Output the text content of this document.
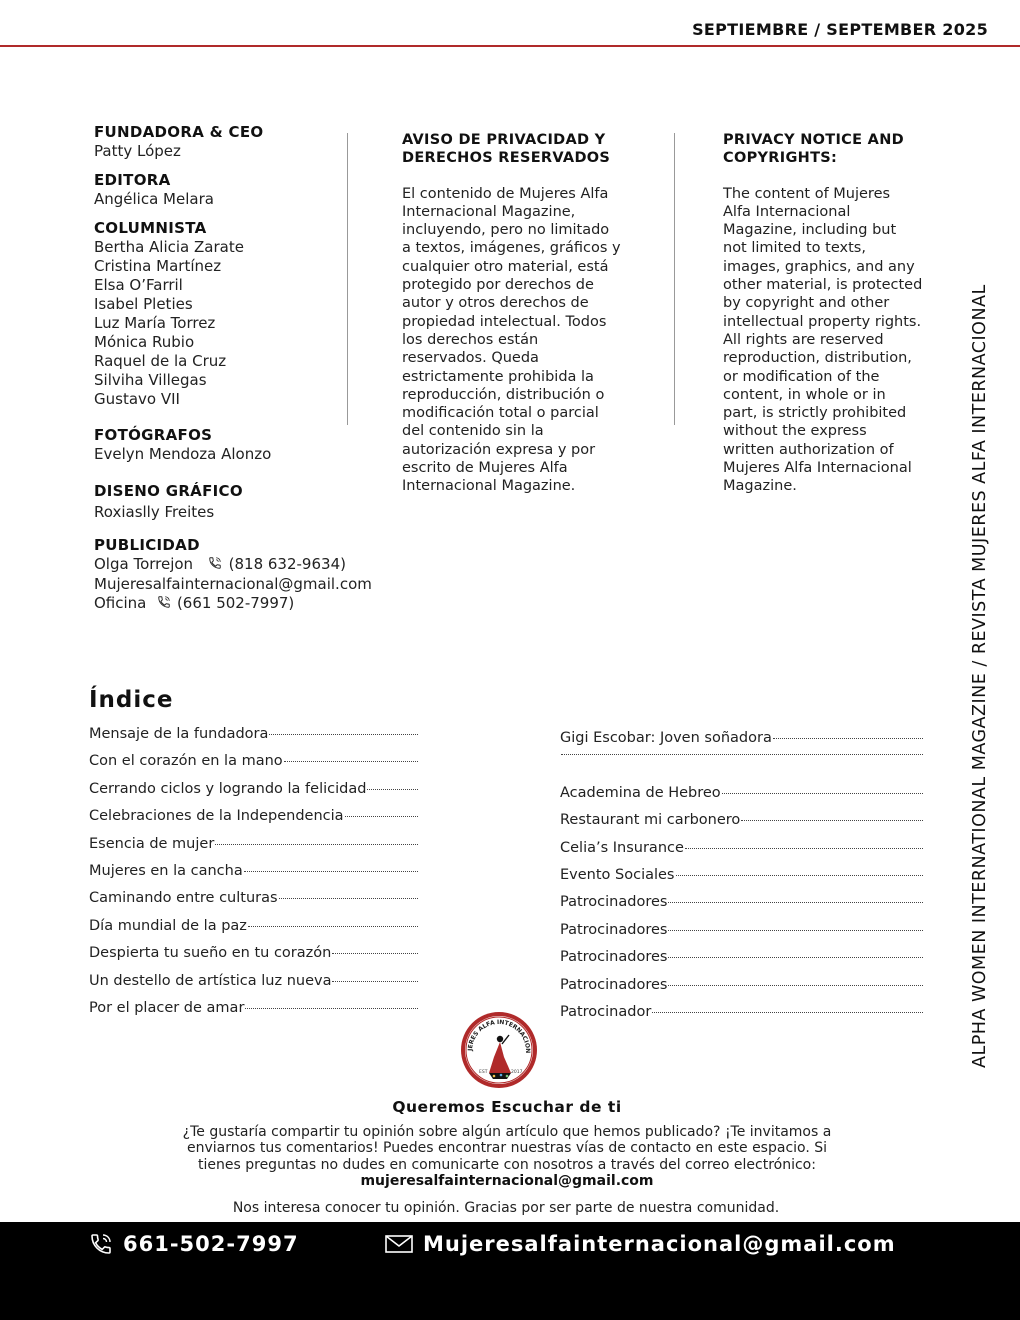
SEPTIEMBRE / SEPTEMBER 2025
FUNDADORA & CEO
Patty López
EDITORA
Angélica Melara
COLUMNISTA
Bertha Alicia Zarate
Cristina Martínez
Elsa O’Farril
Isabel Pleties
Luz María Torrez
Mónica Rubio
Raquel de la Cruz
Silviha Villegas
Gustavo VII
FOTÓGRAFOS
Evelyn Mendoza Alonzo
DISENO GRÁFICO
Roxiaslly Freites
PUBLICIDAD
Olga Torrejon (818 632-9634)
Mujeresalfainternacional@gmail.com
Oficina (661 502-7997)
AVISO DE PRIVACIDAD Y
DERECHOS RESERVADOS

El contenido de Mujeres Alfa
Internacional Magazine,
incluyendo, pero no limitado
a textos, imágenes, gráficos y
cualquier otro material, está
protegido por derechos de
autor y otros derechos de
propiedad intelectual. Todos
los derechos están
reservados. Queda
estrictamente prohibida la
reproducción, distribución o
modificación total o parcial
del contenido sin la
autorización expresa y por
escrito de Mujeres Alfa
Internacional Magazine.

PRIVACY NOTICE AND
COPYRIGHTS:

The content of Mujeres
Alfa Internacional
Magazine, including but
not limited to texts,
images, graphics, and any
other material, is protected
by copyright and other
intellectual property rights.
All rights are reserved
reproduction, distribution,
or modification of the
content, in whole or in
part, is strictly prohibited
without the express
written authorization of
Mujeres Alfa Internacional
Magazine.	ALPHA WOMEN INTERNATIONAL MAGAZINE / REVISTA MUJERES ALFA INTERNACIONAL
Índice
Mensaje de la fundadora
Con el corazón en la mano
Cerrando ciclos y logrando la felicidad
Celebraciones de la Independencia
Esencia de mujer
Mujeres en la cancha
Caminando entre culturas
Día mundial de la paz
Despierta tu sueño en tu corazón
Un destello de artística luz nueva
Por el placer de amar
Gigi Escobar: Joven soñadora
Academina de Hebreo
Restaurant mi carbonero
Celia’s Insurance
Evento Sociales
Patrocinadores
Patrocinadores
Patrocinadores
Patrocinadores
Patrocinador
JERES ALFA INTERNACION
EST	2017
Queremos Escuchar de ti
¿Te gustaría compartir tu opinión sobre algún artículo que hemos publicado? ¡Te invitamos a enviarnos tus comentarios! Puedes encontrar nuestras vías de contacto en este espacio. Si tienes preguntas no dudes en comunicarte con nosotros a través del correo electrónico: mujeresalfainternacional@gmail.com
Nos interesa conocer tu opinión. Gracias por ser parte de nuestra comunidad.
661-502-7997	Mujeresalfainternacional@gmail.com
